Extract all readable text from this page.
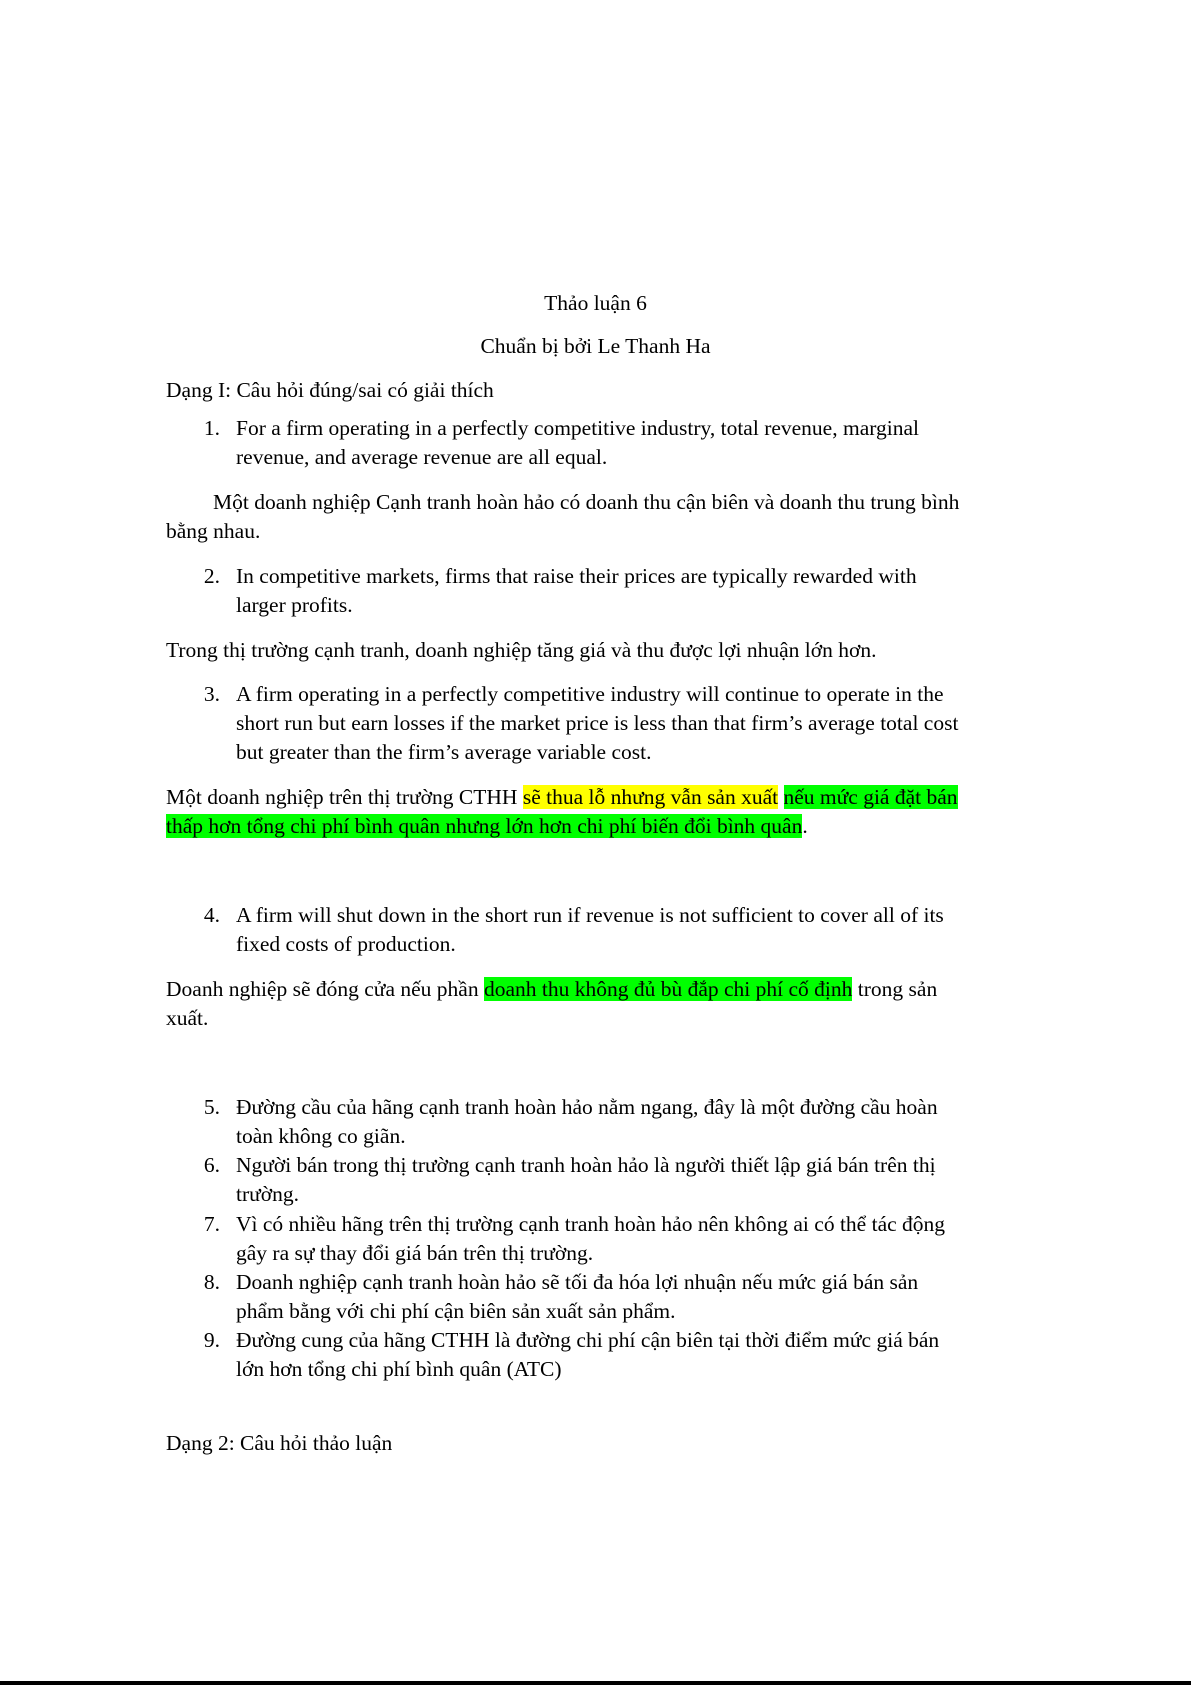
Thảo luận 6
Chuẩn bị bởi Le Thanh Ha
Dạng I: Câu hỏi đúng/sai có giải thích
1. For a firm operating in a perfectly competitive industry, total revenue, marginal
revenue, and average revenue are all equal.
Một doanh nghiệp Cạnh tranh hoàn hảo có doanh thu cận biên và doanh thu trung bình
bằng nhau.
2. In competitive markets, firms that raise their prices are typically rewarded with
larger profits.
Trong thị trường cạnh tranh, doanh nghiệp tăng giá và thu được lợi nhuận lớn hơn.
3. A firm operating in a perfectly competitive industry will continue to operate in the
short run but earn losses if the market price is less than that firm’s average total cost
but greater than the firm’s average variable cost.
Một doanh nghiệp trên thị trường CTHH sẽ thua lỗ nhưng vẫn sản xuất nếu mức giá đặt bán
thấp hơn tổng chi phí bình quân nhưng lớn hơn chi phí biến đổi bình quân.
4. A firm will shut down in the short run if revenue is not sufficient to cover all of its
fixed costs of production.
Doanh nghiệp sẽ đóng cửa nếu phần doanh thu không đủ bù đắp chi phí cố định trong sản
xuất.
5. Đường cầu của hãng cạnh tranh hoàn hảo nằm ngang, đây là một đường cầu hoàn
toàn không co giãn.
6. Người bán trong thị trường cạnh tranh hoàn hảo là người thiết lập giá bán trên thị
trường.
7. Vì có nhiều hãng trên thị trường cạnh tranh hoàn hảo nên không ai có thể tác động
gây ra sự thay đổi giá bán trên thị trường.
8. Doanh nghiệp cạnh tranh hoàn hảo sẽ tối đa hóa lợi nhuận nếu mức giá bán sản
phẩm bằng với chi phí cận biên sản xuất sản phẩm.
9. Đường cung của hãng CTHH là đường chi phí cận biên tại thời điểm mức giá bán
lớn hơn tổng chi phí bình quân (ATC)
Dạng 2: Câu hỏi thảo luận
